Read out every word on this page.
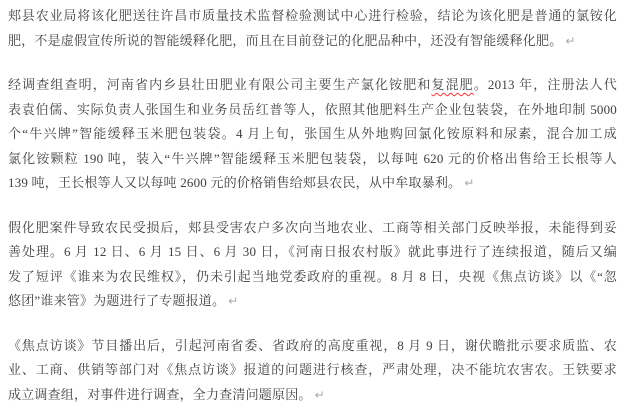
郏县农业局将该化肥送往许昌市质量技术监督检验测试中心进行检验，结论为该化肥是普通的氯铵化
肥，不是虚假宣传所说的智能缓释化肥，而且在目前登记的化肥品种中，还没有智能缓释化肥。 ↵
经调查组查明，河南省内乡县壮田肥业有限公司主要生产氯化铵肥和复混肥。2013 年，注册法人代
表袁伯儒、实际负责人张国生和业务员岳红普等人，依照其他肥料生产企业包装袋，在外地印制 5000
个“牛兴牌”智能缓释玉米肥包装袋。4 月上旬，张国生从外地购回氯化铵原料和尿素，混合加工成
氯化铵颗粒 190 吨，装入“牛兴牌”智能缓释玉米肥包装袋，以每吨 620 元的价格出售给王长根等人
139 吨，王长根等人又以每吨 2600 元的价格销售给郏县农民，从中牟取暴利。 ↵
假化肥案件导致农民受损后，郏县受害农户多次向当地农业、工商等相关部门反映举报，未能得到妥
善处理。6 月 12 日、6 月 15 日、6 月 30 日，《河南日报农村版》就此事进行了连续报道，随后又编
发了短评《谁来为农民维权》，仍未引起当地党委政府的重视。8 月 8 日，央视《焦点访谈》以《“忽
悠团”谁来管》为题进行了专题报道。 ↵
《焦点访谈》节目播出后，引起河南省委、省政府的高度重视，8 月 9 日，谢伏瞻批示要求质监、农
业、工商、供销等部门对《焦点访谈》报道的问题进行核查，严肃处理，决不能坑农害农。王铁要求
成立调查组，对事件进行调查，全力查清问题原因。 ↵
